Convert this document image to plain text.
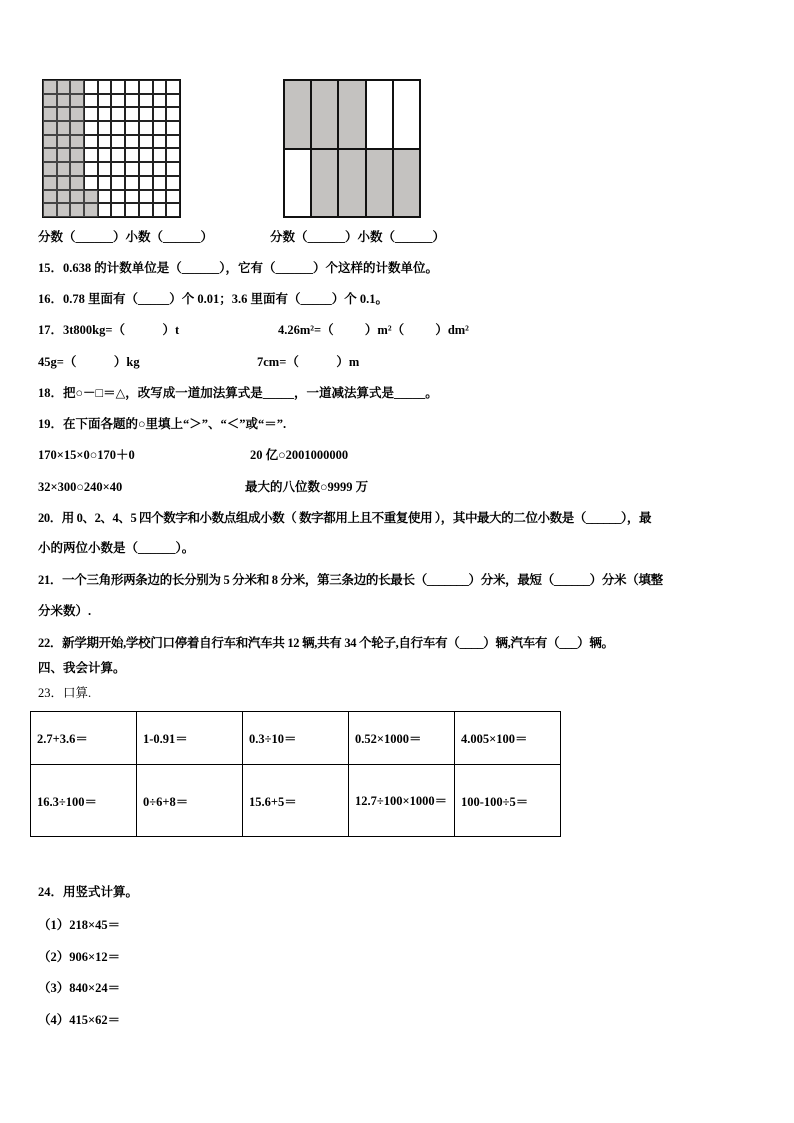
分数（______）小数（______）	分数（______）小数（______）
15．0.638 的计数单位是（______），它有（______）个这样的计数单位。
16．0.78 里面有（_____）个 0.01；3.6 里面有（_____）个 0.1。
17．3t800kg=（            ）t	4.26m²=（          ）m²（          ）dm²
45g=（            ）kg	7cm=（            ）m
18．把○－□＝△，改写成一道加法算式是_____，一道减法算式是_____。
19．在下面各题的○里填上“＞”、“＜”或“＝”.
170×15×0○170＋0	20 亿○2001000000
32×300○240×40	最大的八位数○9999 万
20．用 0、2、4、5 四个数字和小数点组成小数（ 数字都用上且不重复使用 ），其中最大的二位小数是（______），最
小的两位小数是（______）。
21．一个三角形两条边的长分别为 5 分米和 8 分米，第三条边的长最长（_______）分米，最短（______）分米（填整
分米数）.
22．新学期开始,学校门口停着自行车和汽车共 12 辆,共有 34 个轮子,自行车有（____）辆,汽车有（___）辆。
四、我会计算。
23．口算.
2.7+3.6＝	1-0.91＝	0.3÷10＝	0.52×1000＝	4.005×100＝
16.3÷100＝	0÷6+8＝	15.6+5＝	12.7÷100×1000＝	100-100÷5＝
24．用竖式计算。
（1）218×45＝
（2）906×12＝
（3）840×24＝
（4）415×62＝
